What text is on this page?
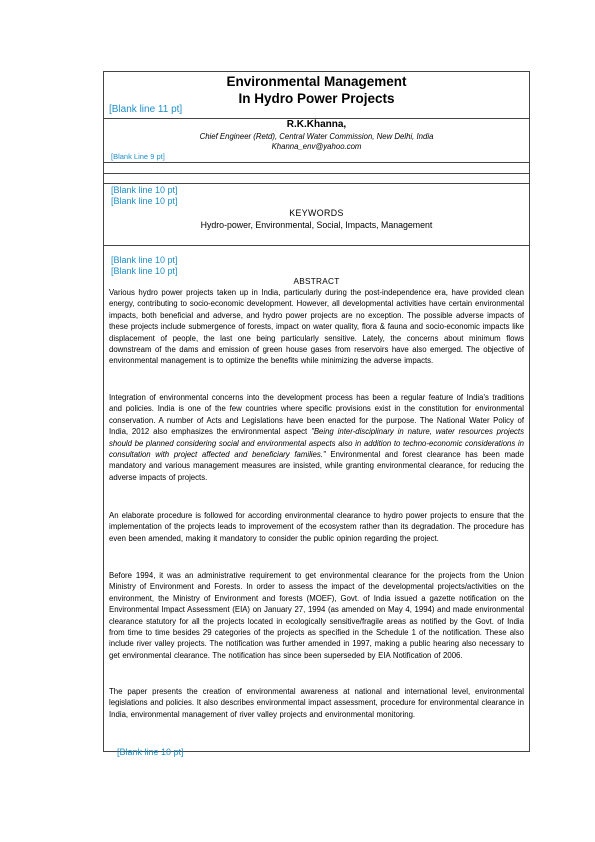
Environmental Management
In Hydro Power Projects
[Blank line 11 pt]
R.K.Khanna,
Chief Engineer (Retd), Central Water Commission, New Delhi, India
Khanna_env@yahoo.com
[Blank Line 9 pt]
[Blank line 10 pt]
[Blank line 10 pt]
KEYWORDS
Hydro-power, Environmental, Social, Impacts, Management
[Blank line 10 pt]
[Blank line 10 pt]
ABSTRACT
Various hydro power projects taken up in India, particularly during the post-independence era, have provided clean energy, contributing to socio-economic development. However, all developmental activities have certain environmental impacts, both beneficial and adverse, and hydro power projects are no exception. The possible adverse impacts of these projects include submergence of forests, impact on water quality, flora & fauna and socio-economic impacts like displacement of people, the last one being particularly sensitive. Lately, the concerns about minimum flows downstream of the dams and emission of green house gases from reservoirs have also emerged. The objective of environmental management is to optimize the benefits while minimizing the adverse impacts.
Integration of environmental concerns into the development process has been a regular feature of India's traditions and policies. India is one of the few countries where specific provisions exist in the constitution for environmental conservation. A number of Acts and Legislations have been enacted for the purpose. The National Water Policy of India, 2012 also emphasizes the environmental aspect "Being inter-disciplinary in nature, water resources projects should be planned considering social and environmental aspects also in addition to techno-economic considerations in consultation with project affected and beneficiary families." Environmental and forest clearance has been made mandatory and various management measures are insisted, while granting environmental clearance, for reducing the adverse impacts of projects.
An elaborate procedure is followed for according environmental clearance to hydro power projects to ensure that the implementation of the projects leads to improvement of the ecosystem rather than its degradation. The procedure has even been amended, making it mandatory to consider the public opinion regarding the project.
Before 1994, it was an administrative requirement to get environmental clearance for the projects from the Union Ministry of Environment and Forests. In order to assess the impact of the developmental projects/activities on the environment, the Ministry of Environment and forests (MOEF), Govt. of India issued a gazette notification on the Environmental Impact Assessment (EIA) on January 27, 1994 (as amended on May 4, 1994) and made environmental clearance statutory for all the projects located in ecologically sensitive/fragile areas as notified by the Govt. of India from time to time besides 29 categories of the projects as specified in the Schedule 1 of the notification. These also include river valley projects. The notification was further amended in 1997, making a public hearing also necessary to get environmental clearance. The notification has since been superseded by EIA Notification of 2006.
The paper presents the creation of environmental awareness at national and international level, environmental legislations and policies. It also describes environmental impact assessment, procedure for environmental clearance in India, environmental management of river valley projects and environmental monitoring.
[Blank line 10 pt]
